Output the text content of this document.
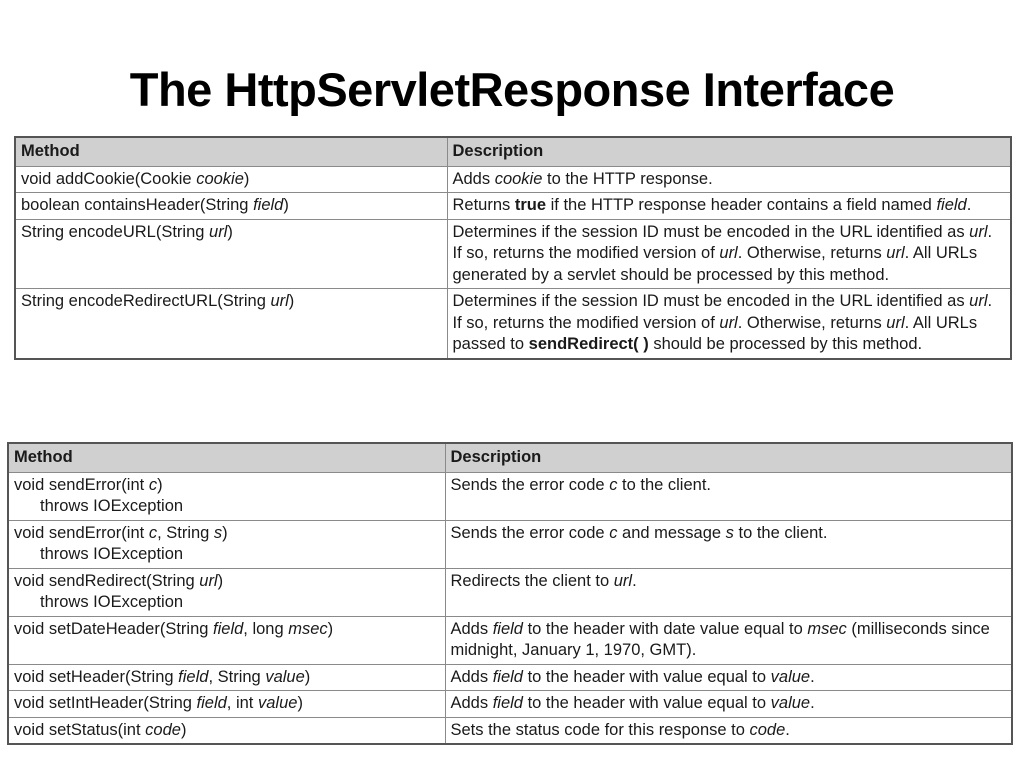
The HttpServletResponse Interface
Method	Description
void addCookie(Cookie cookie)	Adds cookie to the HTTP response.
boolean containsHeader(String field)	Returns true if the HTTP response header contains a field named field.
String encodeURL(String url)	Determines if the session ID must be encoded in the URL identified as url. If so, returns the modified version of url. Otherwise, returns url. All URLs generated by a servlet should be processed by this method.
String encodeRedirectURL(String url)	Determines if the session ID must be encoded in the URL identified as url. If so, returns the modified version of url. Otherwise, returns url. All URLs passed to sendRedirect( ) should be processed by this method.
Method	Description
void sendError(int c)
throws IOException	Sends the error code c to the client.
void sendError(int c, String s)
throws IOException	Sends the error code c and message s to the client.
void sendRedirect(String url)
throws IOException	Redirects the client to url.
void setDateHeader(String field, long msec)	Adds field to the header with date value equal to msec (milliseconds since midnight, January 1, 1970, GMT).
void setHeader(String field, String value)	Adds field to the header with value equal to value.
void setIntHeader(String field, int value)	Adds field to the header with value equal to value.
void setStatus(int code)	Sets the status code for this response to code.
